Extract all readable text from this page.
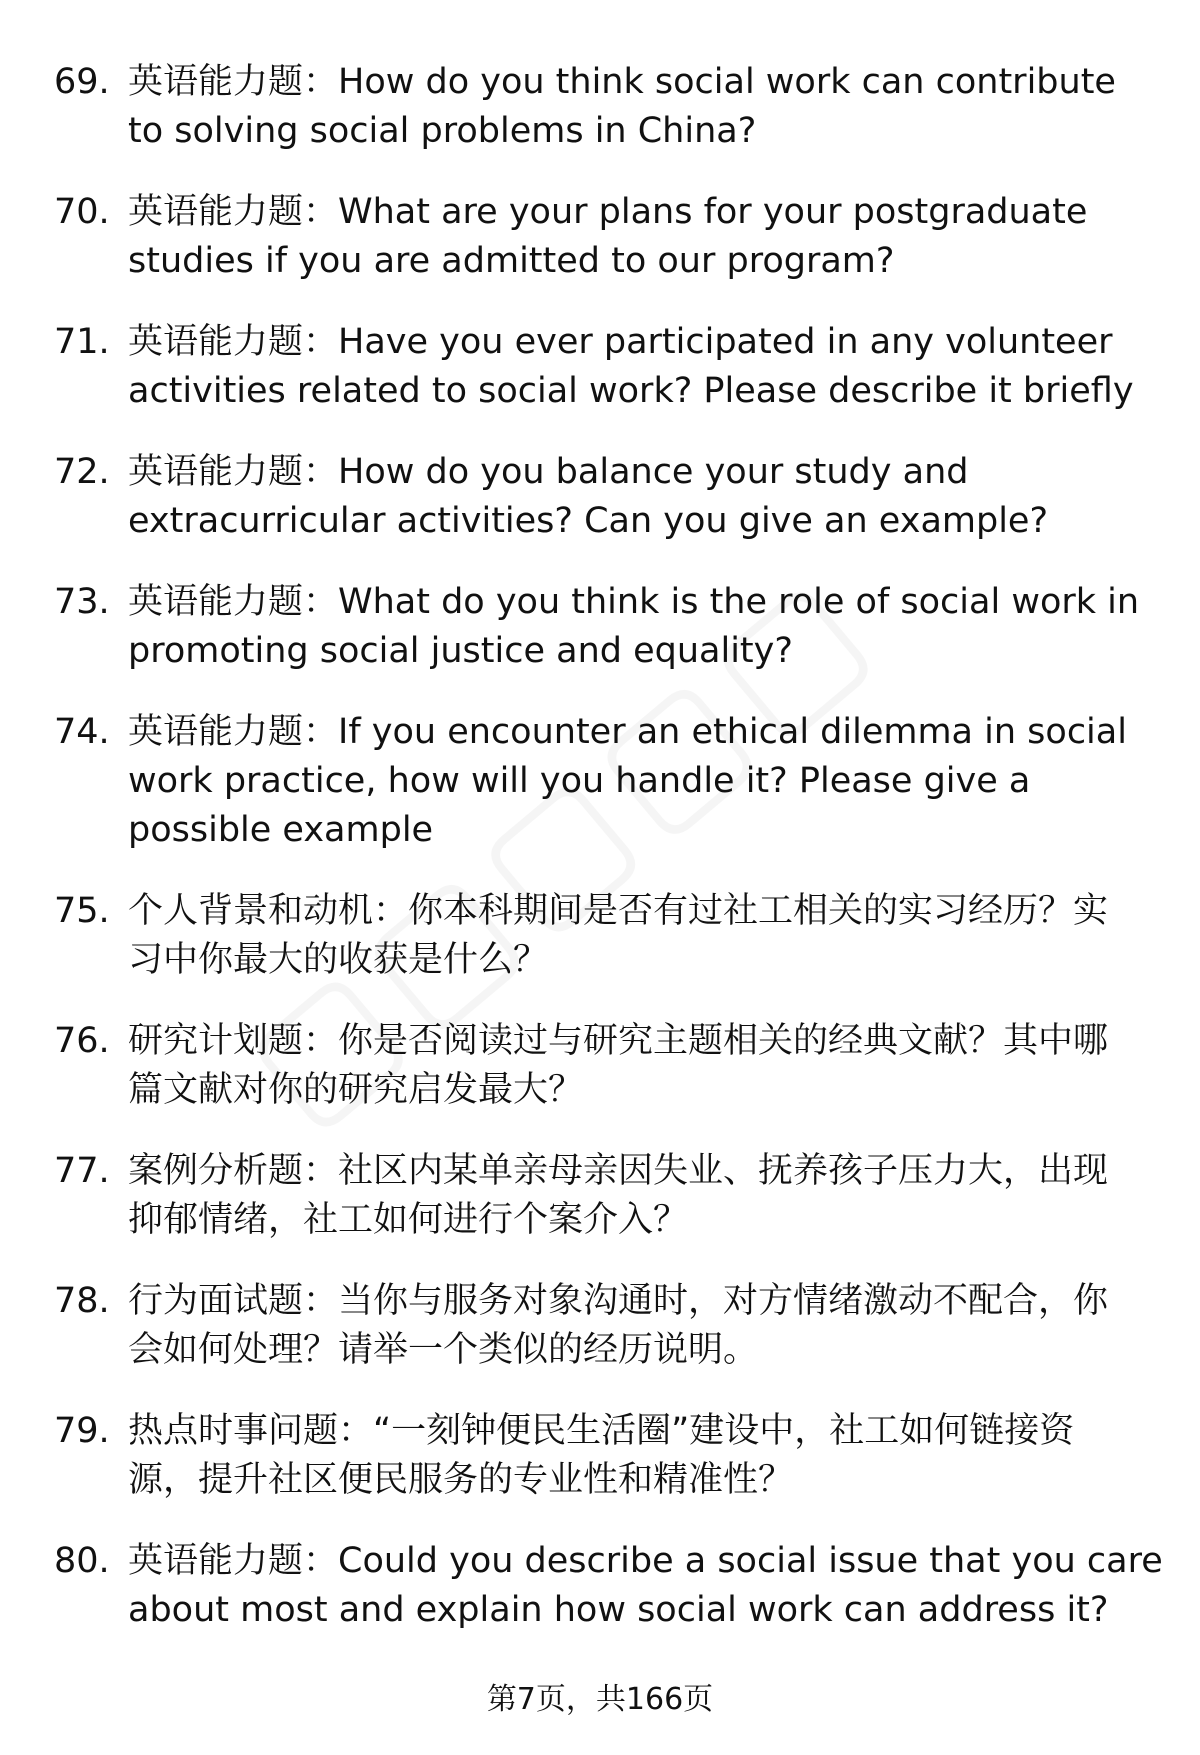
69. 英语能力题：How do you think social work can contribute
to solving social problems in China?
70. 英语能力题：What are your plans for your postgraduate
studies if you are admitted to our program?
71. 英语能力题：Have you ever participated in any volunteer
activities related to social work? Please describe it briefly
72. 英语能力题：How do you balance your study and
extracurricular activities? Can you give an example?
73. 英语能力题：What do you think is the role of social work in
promoting social justice and equality?
74. 英语能力题：If you encounter an ethical dilemma in social
work practice, how will you handle it? Please give a
possible example
75. 个人背景和动机：你本科期间是否有过社工相关的实习经历？实
习中你最大的收获是什么？
76. 研究计划题：你是否阅读过与研究主题相关的经典文献？其中哪
篇文献对你的研究启发最大？
77. 案例分析题：社区内某单亲母亲因失业、抚养孩子压力大，出现
抑郁情绪，社工如何进行个案介入？
78. 行为面试题：当你与服务对象沟通时，对方情绪激动不配合，你
会如何处理？请举一个类似的经历说明。
79. 热点时事问题：“一刻钟便民生活圈”建设中，社工如何链接资
源，提升社区便民服务的专业性和精准性？
80. 英语能力题：Could you describe a social issue that you care
about most and explain how social work can address it?
第7页，共166页
